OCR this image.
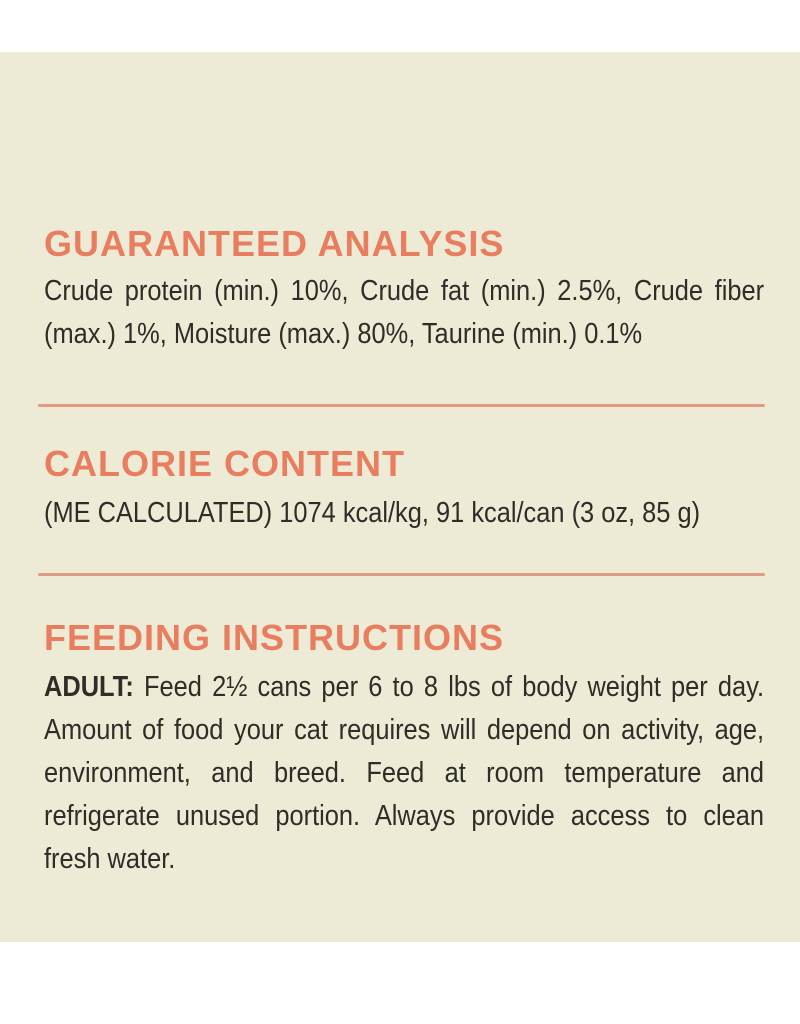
GUARANTEED ANALYSIS
Crude protein (min.) 10%, Crude fat (min.) 2.5%, Crude fiber (max.) 1%, Moisture (max.) 80%, Taurine (min.) 0.1%
CALORIE CONTENT
(ME CALCULATED) 1074 kcal/kg, 91 kcal/can (3 oz, 85 g)
FEEDING INSTRUCTIONS
ADULT: Feed 2½ cans per 6 to 8 lbs of body weight per day. Amount of food your cat requires will depend on activity, age, environment, and breed. Feed at room temperature and refrigerate unused portion. Always provide access to clean fresh water.
